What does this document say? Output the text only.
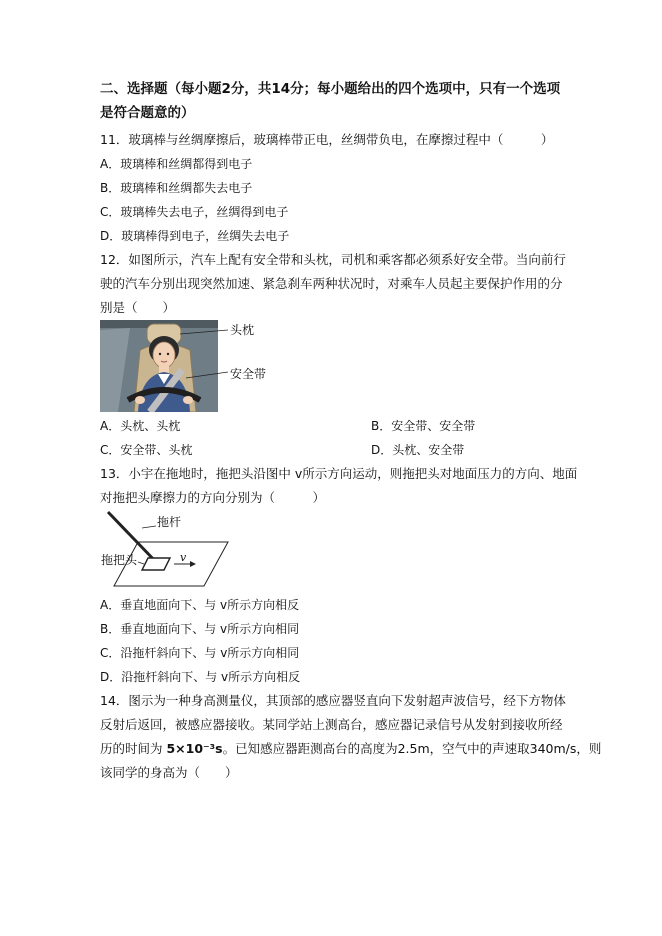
二、选择题（每小题2分，共14分；每小题给出的四个选项中，只有一个选项
是符合题意的）
11．玻璃棒与丝绸摩擦后，玻璃棒带正电，丝绸带负电，在摩擦过程中（　　　）
A．玻璃棒和丝绸都得到电子
B．玻璃棒和丝绸都失去电子
C．玻璃棒失去电子，丝绸得到电子
D．玻璃棒得到电子，丝绸失去电子
12．如图所示，汽车上配有安全带和头枕，司机和乘客都必须系好安全带。当向前行
驶的汽车分别出现突然加速、紧急刹车两种状况时，对乘车人员起主要保护作用的分
别是（　　）
头枕
安全带
A．头枕、头枕	B．安全带、安全带
C．安全带、头枕	D．头枕、安全带
13．小宇在拖地时，拖把头沿图中 v所示方向运动，则拖把头对地面压力的方向、地面
对拖把头摩擦力的方向分别为（　　　）
拖杆
拖把头	v
A．垂直地面向下、与 v所示方向相反
B．垂直地面向下、与 v所示方向相同
C．沿拖杆斜向下、与 v所示方向相同
D．沿拖杆斜向下、与 v所示方向相反
14．图示为一种身高测量仪，其顶部的感应器竖直向下发射超声波信号，经下方物体
反射后返回，被感应器接收。某同学站上测高台，感应器记录信号从发射到接收所经
历的时间为 5×10⁻³s。已知感应器距测高台的高度为2.5m，空气中的声速取340m/s，则
该同学的身高为（　　）
